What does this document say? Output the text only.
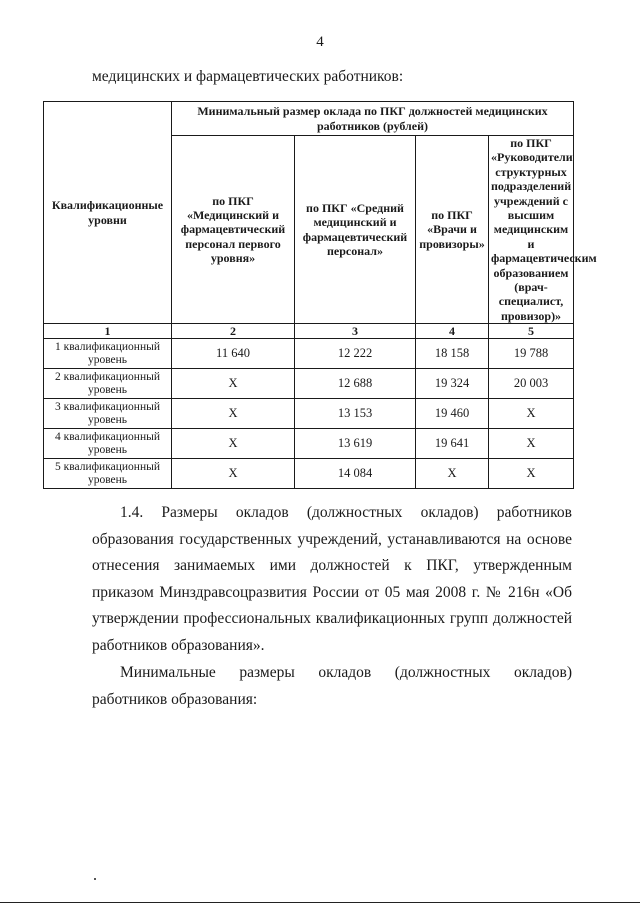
4
медицинских и фармацевтических работников:
Квалификационные уровни	Минимальный размер оклада по ПКГ должностей медицинских работников (рублей)			
	по ПКГ «Медицинский и фармацевтический персонал первого уровня»	по ПКГ «Средний медицинский и фармацевтический персонал»	по ПКГ «Врачи и провизоры»	по ПКГ «Руководители структурных подразделений учреждений с высшим медицинским и фармацевтическим образованием (врач-специалист, провизор)»
1	2	3	4	5
1 квалификационный уровень	11 640	12 222	18 158	19 788
2 квалификационный уровень	Х	12 688	19 324	20 003
3 квалификационный уровень	Х	13 153	19 460	Х
4 квалификационный уровень	Х	13 619	19 641	Х
5 квалификационный уровень	Х	14 084	Х	Х
1.4. Размеры окладов (должностных окладов) работников образования государственных учреждений, устанавливаются на основе отнесения занимаемых ими должностей к ПКГ, утвержденным приказом Минздравсоцразвития России от 05 мая 2008 г. № 216н «Об утверждении профессиональных квалификационных групп должностей работников образования».
Минимальные размеры окладов (должностных окладов) работников образования:
